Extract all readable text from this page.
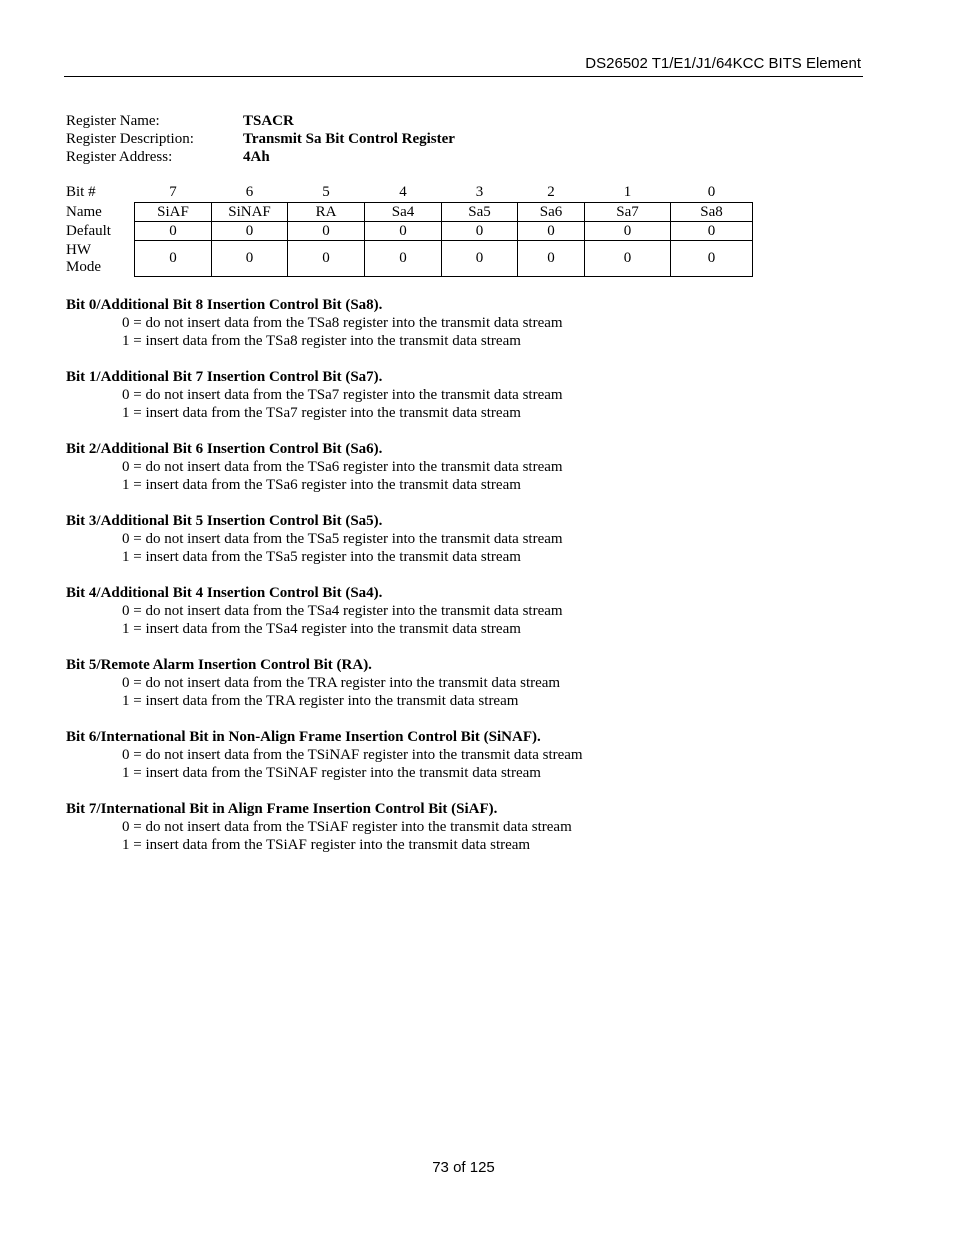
DS26502 T1/E1/J1/64KCC BITS Element
Register Name:	TSACR
Register Description:	Transmit Sa Bit Control Register
Register Address:	4Ah
Bit #	7	6	5	4	3	2	1	0
Name	SiAF	SiNAF	RA	Sa4	Sa5	Sa6	Sa7	Sa8
Default	0	0	0	0	0	0	0	0

HW
Mode	0	0	0	0	0	0	0	0
Bit 0/Additional Bit 8 Insertion Control Bit (Sa8).
0 = do not insert data from the TSa8 register into the transmit data stream
1 = insert data from the TSa8 register into the transmit data stream
Bit 1/Additional Bit 7 Insertion Control Bit (Sa7).
0 = do not insert data from the TSa7 register into the transmit data stream
1 = insert data from the TSa7 register into the transmit data stream
Bit 2/Additional Bit 6 Insertion Control Bit (Sa6).
0 = do not insert data from the TSa6 register into the transmit data stream
1 = insert data from the TSa6 register into the transmit data stream
Bit 3/Additional Bit 5 Insertion Control Bit (Sa5).
0 = do not insert data from the TSa5 register into the transmit data stream
1 = insert data from the TSa5 register into the transmit data stream
Bit 4/Additional Bit 4 Insertion Control Bit (Sa4).
0 = do not insert data from the TSa4 register into the transmit data stream
1 = insert data from the TSa4 register into the transmit data stream
Bit 5/Remote Alarm Insertion Control Bit (RA).
0 = do not insert data from the TRA register into the transmit data stream
1 = insert data from the TRA register into the transmit data stream
Bit 6/International Bit in Non-Align Frame Insertion Control Bit (SiNAF).
0 = do not insert data from the TSiNAF register into the transmit data stream
1 = insert data from the TSiNAF register into the transmit data stream
Bit 7/International Bit in Align Frame Insertion Control Bit (SiAF).
0 = do not insert data from the TSiAF register into the transmit data stream
1 = insert data from the TSiAF register into the transmit data stream
73 of 125
